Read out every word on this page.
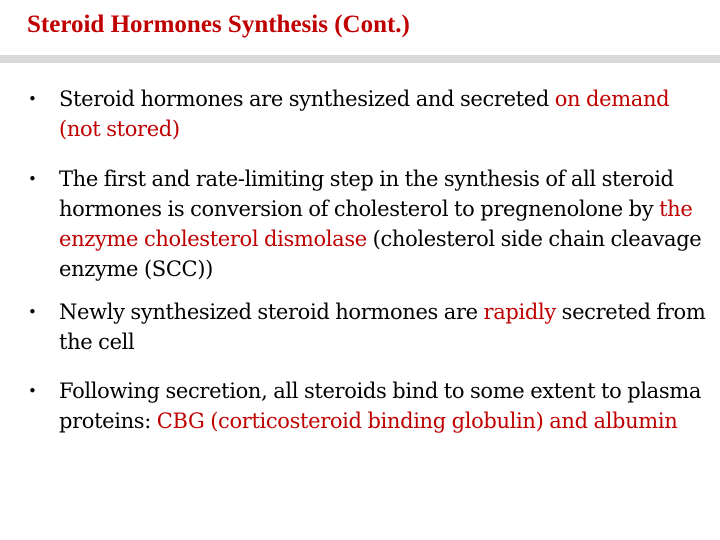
Steroid Hormones Synthesis (Cont.)
• Steroid hormones are synthesized and secreted on demand (not stored)
• The first and rate-limiting step in the synthesis of all steroid hormones is conversion of cholesterol to pregnenolone by the enzyme cholesterol dismolase (cholesterol side chain cleavage enzyme (SCC))
• Newly synthesized steroid hormones are rapidly secreted from the cell
• Following secretion, all steroids bind to some extent to plasma proteins: CBG (corticosteroid binding globulin) and albumin
